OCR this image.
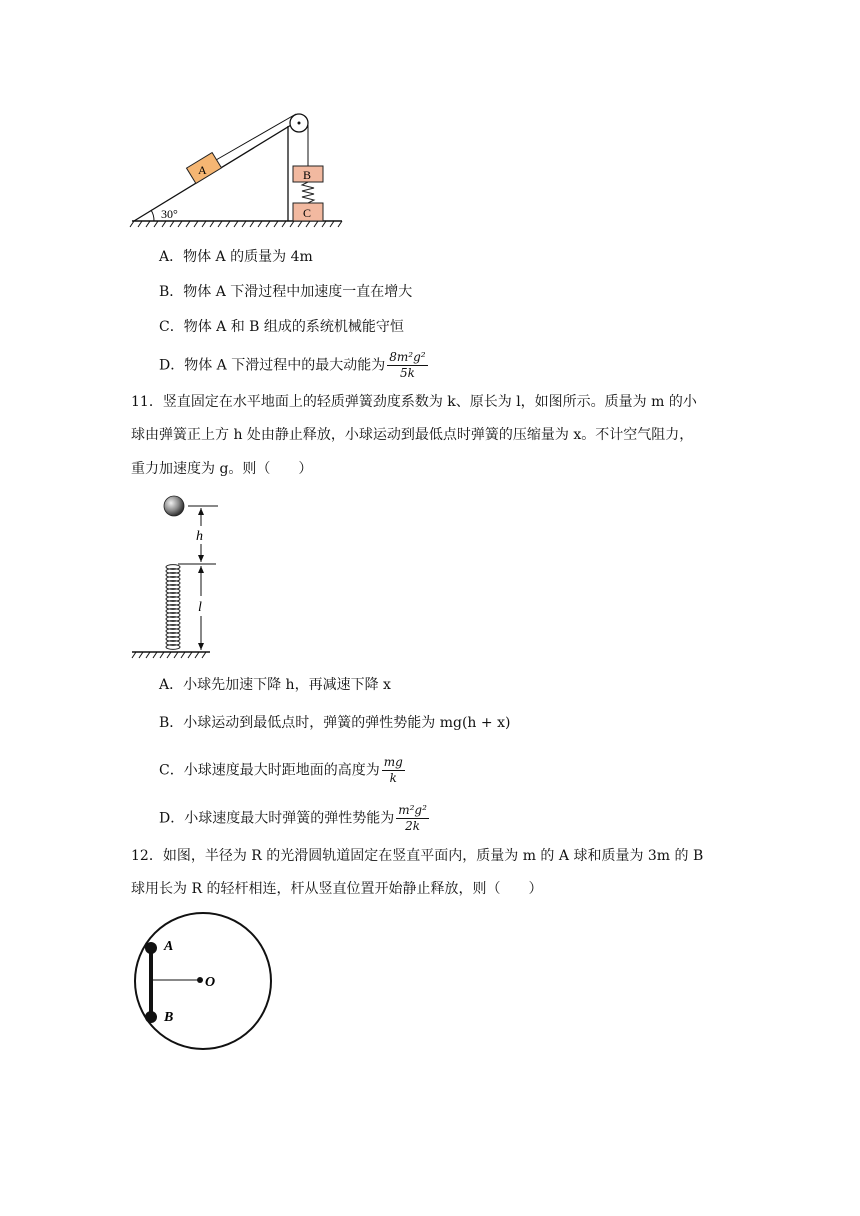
A	B
C
30°
A．物体 A 的质量为 4m
B．物体 A 下滑过程中加速度一直在增大
C．物体 A 和 B 组成的系统机械能守恒
D．物体 A 下滑过程中的最大动能为 $\frac{\text{8m²g²}}{5k}$
11．竖直固定在水平地面上的轻质弹簧劲度系数为 k、原长为 l，如图所示。质量为 m 的小
球由弹簧正上方 h 处由静止释放，小球运动到最低点时弹簧的压缩量为 x。不计空气阻力，
重力加速度为 g。则（　　）
h
l
A．小球先加速下降 h，再减速下降 x
B．小球运动到最低点时，弹簧的弹性势能为 mg(h + x)
C．小球速度最大时距地面的高度为 $\frac{mg}{k}$
D．小球速度最大时弹簧的弹性势能为 $\frac{\text{m²g²}}{2k}$
12．如图，半径为 R 的光滑圆轨道固定在竖直平面内，质量为 m 的 A 球和质量为 3m 的 B
球用长为 R 的轻杆相连，杆从竖直位置开始静止释放，则（　　）
A
B
O
